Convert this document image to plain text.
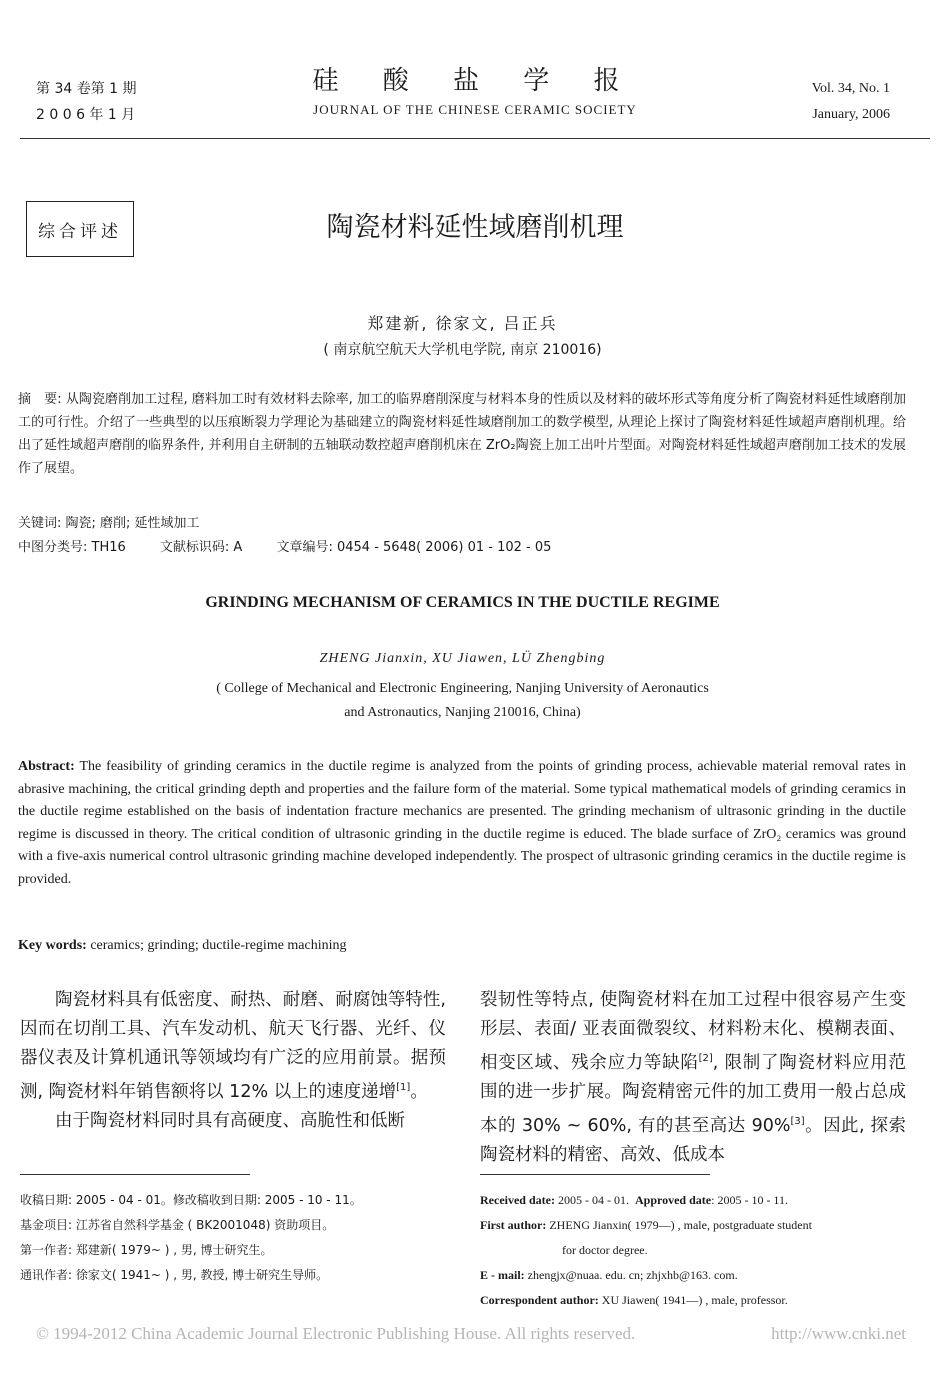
第 34 卷第 1 期
2 0 0 6 年 1 月
硅 酸 盐 学 报
JOURNAL OF THE CHINESE CERAMIC SOCIETY
Vol. 34, No. 1
January, 2006
综合评述	陶瓷材料延性域磨削机理
郑建新, 徐家文, 吕正兵
( 南京航空航天大学机电学院, 南京 210016)
摘　要: 从陶瓷磨削加工过程, 磨料加工时有效材料去除率, 加工的临界磨削深度与材料本身的性质以及材料的破坏形式等角度分析了陶瓷材料延性域磨削加工的可行性。介绍了一些典型的以压痕断裂力学理论为基础建立的陶瓷材料延性域磨削加工的数学模型, 从理论上探讨了陶瓷材料延性域超声磨削机理。给出了延性域超声磨削的临界条件, 并利用自主研制的五轴联动数控超声磨削机床在 ZrO₂陶瓷上加工出叶片型面。对陶瓷材料延性域超声磨削加工技术的发展作了展望。
关键词: 陶瓷; 磨削; 延性域加工
中图分类号: TH16	文献标识码: A	文章编号: 0454 - 5648( 2006) 01 - 102 - 05
GRINDING MECHANISM OF CERAMICS IN THE DUCTILE REGIME
ZHENG Jianxin, XU Jiawen, LÜ Zhengbing
( College of Mechanical and Electronic Engineering, Nanjing University of Aeronautics
and Astronautics, Nanjing 210016, China)
Abstract: The feasibility of grinding ceramics in the ductile regime is analyzed from the points of grinding process, achievable material removal rates in abrasive machining, the critical grinding depth and properties and the failure form of the material. Some typical mathematical models of grinding ceramics in the ductile regime established on the basis of indentation fracture mechanics are presented. The grinding mechanism of ultrasonic grinding in the ductile regime is discussed in theory. The critical condition of ultrasonic grinding in the ductile regime is educed. The blade surface of ZrO₂ ceramics was ground with a five-axis numerical control ultrasonic grinding machine developed independently. The prospect of ultrasonic grinding ceramics in the ductile regime is provided.
Key words: ceramics; grinding; ductile-regime machining

陶瓷材料具有低密度、耐热、耐磨、耐腐蚀等特性, 因而在切削工具、汽车发动机、航天飞行器、光纤、仪器仪表及计算机通讯等领域均有广泛的应用前景。据预测, 陶瓷材料年销售额将以 12% 以上的速度递增[1]。

由于陶瓷材料同时具有高硬度、高脆性和低断

裂韧性等特点, 使陶瓷材料在加工过程中很容易产生变形层、表面/ 亚表面微裂纹、材料粉末化、模糊表面、相变区域、残余应力等缺陷[2], 限制了陶瓷材料应用范围的进一步扩展。陶瓷精密元件的加工费用一般占总成本的 30% ~ 60%, 有的甚至高达 90%[3]。因此, 探索陶瓷材料的精密、高效、低成本

收稿日期: 2005 - 04 - 01。修改稿收到日期: 2005 - 10 - 11。
基金项目: 江苏省自然科学基金 ( BK2001048) 资助项目。
第一作者: 郑建新( 1979~ ) , 男, 博士研究生。
通讯作者: 徐家文( 1941~ ) , 男, 教授, 博士研究生导师。
Received date: 2005 - 04 - 01. Approved date: 2005 - 10 - 11.
First author: ZHENG Jianxin( 1979—) , male, postgraduate student
for doctor degree.
E - mail: zhengjx@nuaa. edu. cn; zhjxhb@163. com.
Correspondent author: XU Jiawen( 1941—) , male, professor.
© 1994-2012 China Academic Journal Electronic Publishing House. All rights reserved.	http://www.cnki.net
